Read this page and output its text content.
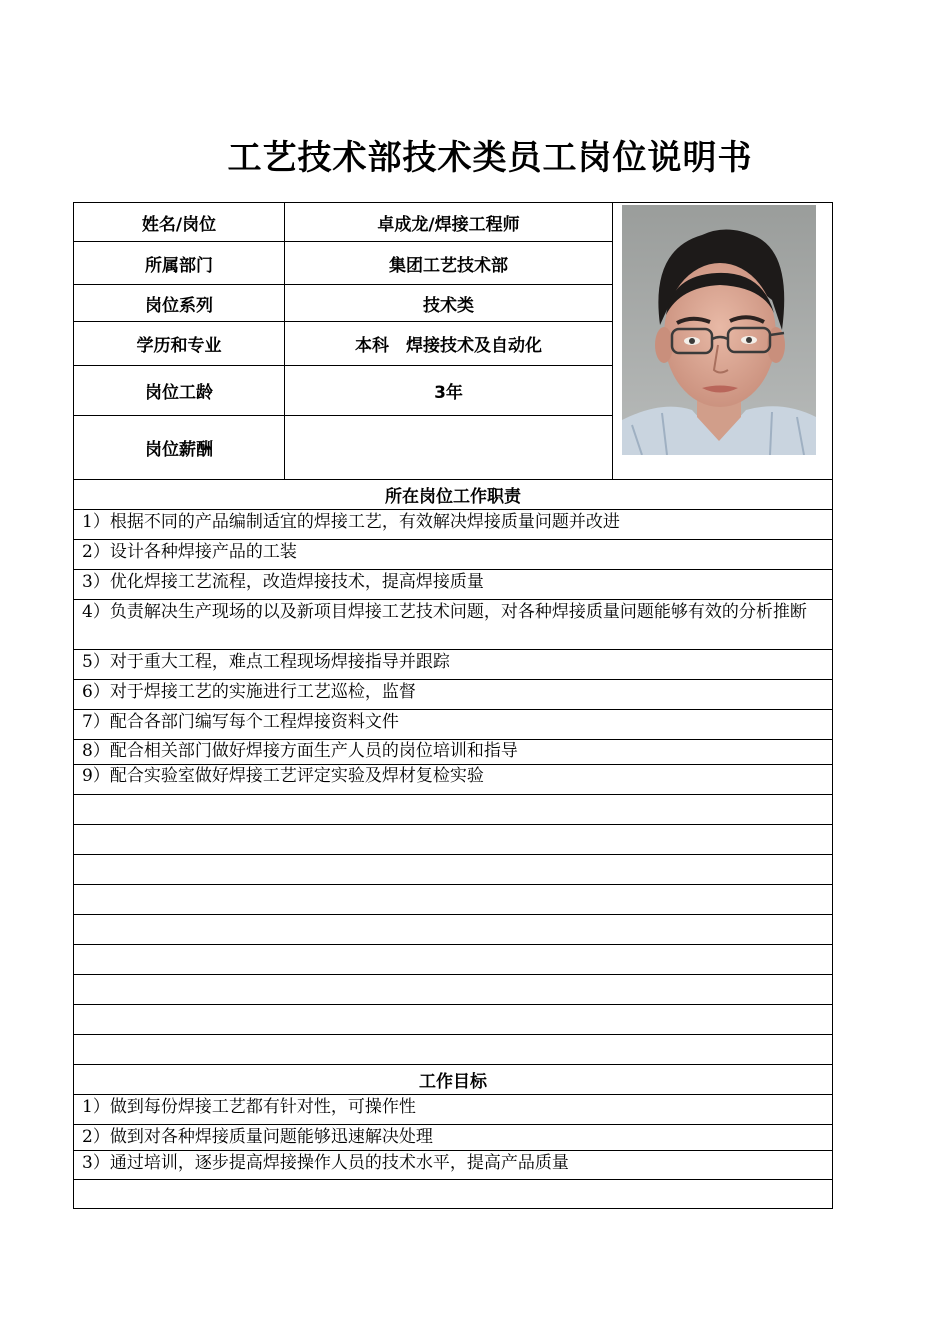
工艺技术部技术类员工岗位说明书
姓名/岗位	卓成龙/焊接工程师
所属部门	集团工艺技术部
岗位系列	技术类
学历和专业	本科　焊接技术及自动化
岗位工龄	3年
岗位薪酬
所在岗位工作职责
1）根据不同的产品编制适宜的焊接工艺，有效解决焊接质量问题并改进
2）设计各种焊接产品的工装
3）优化焊接工艺流程，改造焊接技术，提高焊接质量
4）负责解决生产现场的以及新项目焊接工艺技术问题，对各种焊接质量问题能够有效的分析推断
5）对于重大工程，难点工程现场焊接指导并跟踪
6）对于焊接工艺的实施进行工艺巡检，监督
7）配合各部门编写每个工程焊接资料文件
8）配合相关部门做好焊接方面生产人员的岗位培训和指导
9）配合实验室做好焊接工艺评定实验及焊材复检实验
工作目标
1）做到每份焊接工艺都有针对性，可操作性
2）做到对各种焊接质量问题能够迅速解决处理
3）通过培训，逐步提高焊接操作人员的技术水平，提高产品质量
